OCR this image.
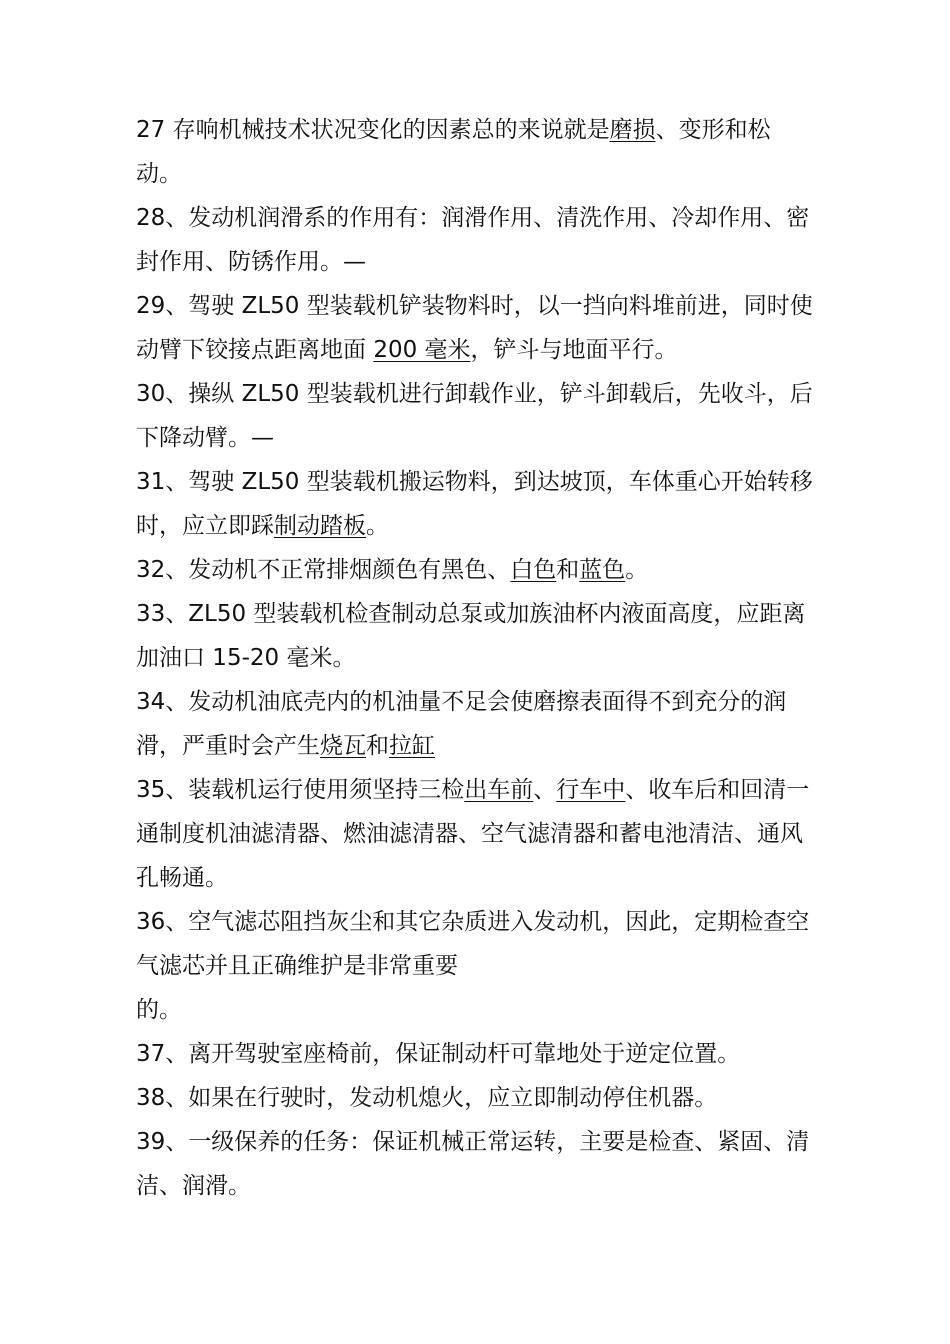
27 存响机械技术状况变化的因素总的来说就是磨损、变形和松动。

28、发动机润滑系的作用有：润滑作用、清洗作用、冷却作用、密封作用、防锈作用。—

29、驾驶 ZL50 型装载机铲装物料时，以一挡向料堆前进，同时使动臂下铰接点距离地面 200 毫米，铲斗与地面平行。

30、操纵 ZL50 型装载机进行卸载作业，铲斗卸载后，先收斗，后下降动臂。—

31、驾驶 ZL50 型装载机搬运物料，到达坡顶，车体重心开始转移时，应立即踩制动踏板。

32、发动机不正常排烟颜色有黑色、白色和蓝色。

33、ZL50 型装载机检查制动总泵或加族油杯内液面高度，应距离加油口 15-20 毫米。

34、发动机油底壳内的机油量不足会使磨擦表面得不到充分的润滑，严重时会产生烧瓦和拉缸

35、装载机运行使用须坚持三检出车前、行车中、收车后和回清一通制度机油滤清器、燃油滤清器、空气滤清器和蓄电池清洁、通风孔畅通。

36、空气滤芯阻挡灰尘和其它杂质进入发动机，因此，定期检查空气滤芯并且正确维护是非常重要
的。

37、离开驾驶室座椅前，保证制动杆可靠地处于逆定位置。

38、如果在行驶时，发动机熄火，应立即制动停住机器。

39、一级保养的任务：保证机械正常运转，主要是检查、紧固、清洁、润滑。
